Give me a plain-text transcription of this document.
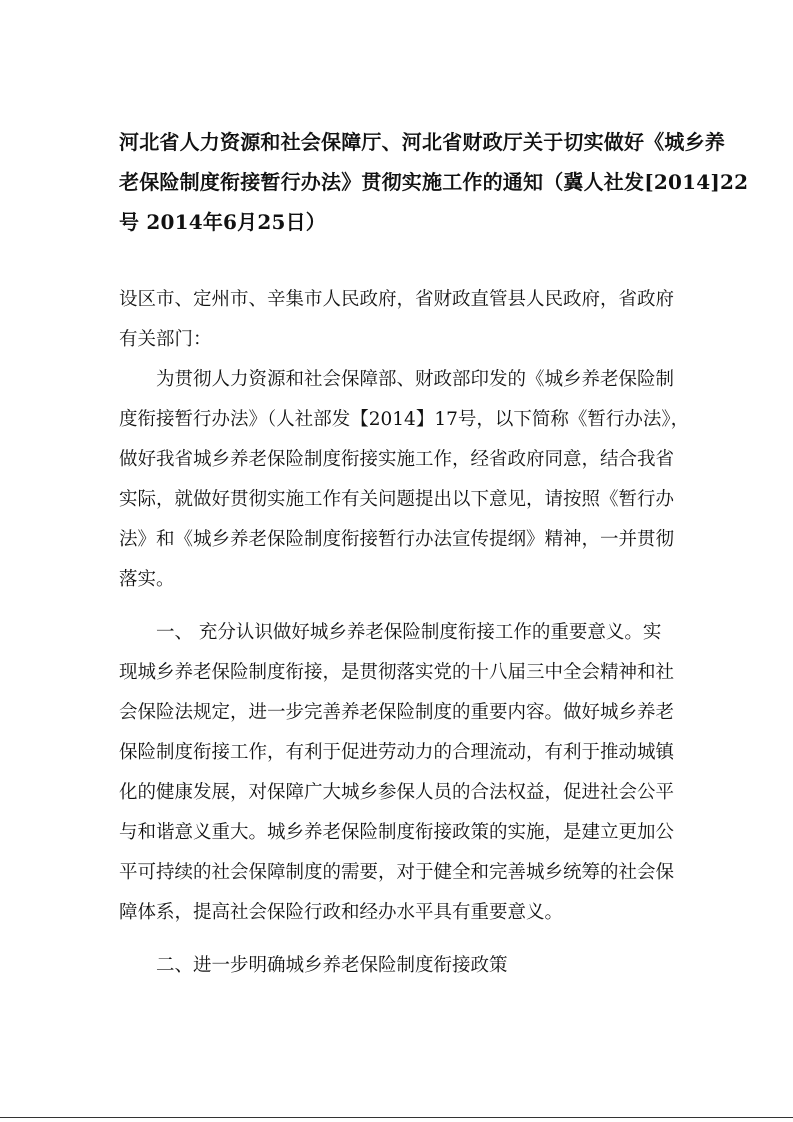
河北省人力资源和社会保障厅、河北省财政厅关于切实做好《城乡养
老保险制度衔接暂行办法》贯彻实施工作的通知（冀人社发[2014]22
号 2014年6月25日）
设区市、定州市、辛集市人民政府，省财政直管县人民政府，省政府
有关部门：
为贯彻人力资源和社会保障部、财政部印发的《城乡养老保险制
度衔接暂行办法》（人社部发【2014】17号，以下简称《暂行办法》，
做好我省城乡养老保险制度衔接实施工作，经省政府同意，结合我省
实际，就做好贯彻实施工作有关问题提出以下意见，请按照《暂行办
法》和《城乡养老保险制度衔接暂行办法宣传提纲》精神，一并贯彻
落实。
一、 充分认识做好城乡养老保险制度衔接工作的重要意义。实
现城乡养老保险制度衔接，是贯彻落实党的十八届三中全会精神和社
会保险法规定，进一步完善养老保险制度的重要内容。做好城乡养老
保险制度衔接工作，有利于促进劳动力的合理流动，有利于推动城镇
化的健康发展，对保障广大城乡参保人员的合法权益，促进社会公平
与和谐意义重大。城乡养老保险制度衔接政策的实施，是建立更加公
平可持续的社会保障制度的需要，对于健全和完善城乡统筹的社会保
障体系，提高社会保险行政和经办水平具有重要意义。
二、进一步明确城乡养老保险制度衔接政策
